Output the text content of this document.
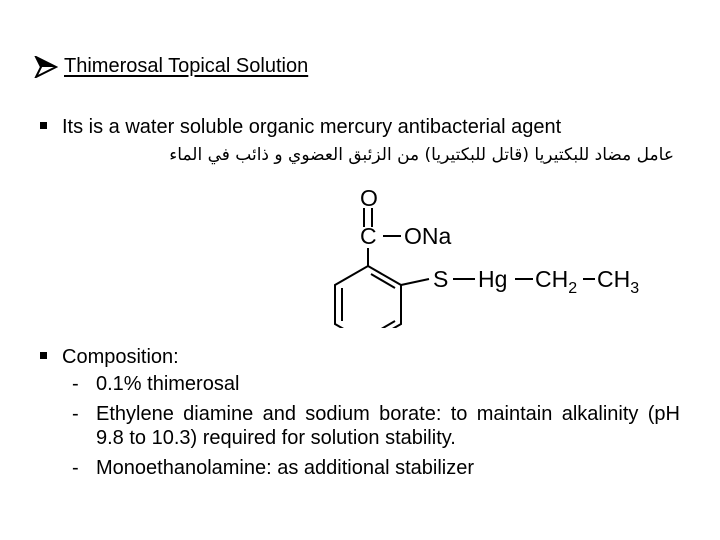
Thimerosal Topical Solution
Its is a water soluble organic mercury antibacterial agent
عامل مضاد للبكتيريا (قاتل للبكتيريا) من الزئبق العضوي و ذائب في الماء
O
C ONa
S Hg $CH_2$ $CH_3$
Composition:
- 0.1% thimerosal
- Ethylene diamine and sodium borate: to maintain alkalinity (pH 9.8 to 10.3) required for solution stability.
- Monoethanolamine: as additional stabilizer
